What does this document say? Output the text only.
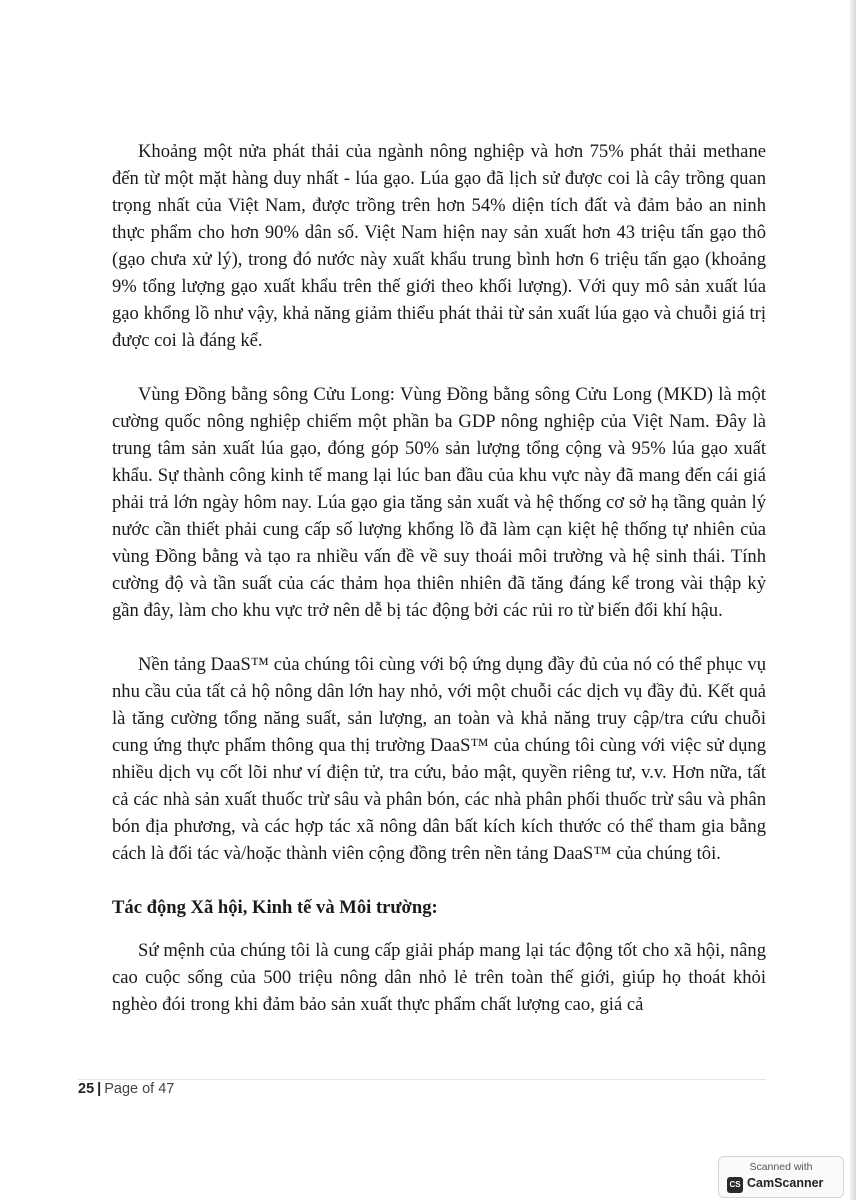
Khoảng một nửa phát thải của ngành nông nghiệp và hơn 75% phát thải methane đến từ một mặt hàng duy nhất - lúa gạo. Lúa gạo đã lịch sử được coi là cây trồng quan trọng nhất của Việt Nam, được trồng trên hơn 54% diện tích đất và đảm bảo an ninh thực phẩm cho hơn 90% dân số. Việt Nam hiện nay sản xuất hơn 43 triệu tấn gạo thô (gạo chưa xử lý), trong đó nước này xuất khẩu trung bình hơn 6 triệu tấn gạo (khoảng 9% tổng lượng gạo xuất khẩu trên thế giới theo khối lượng). Với quy mô sản xuất lúa gạo khổng lồ như vậy, khả năng giảm thiểu phát thải từ sản xuất lúa gạo và chuỗi giá trị được coi là đáng kể.

Vùng Đồng bằng sông Cửu Long: Vùng Đồng bằng sông Cửu Long (MKD) là một cường quốc nông nghiệp chiếm một phần ba GDP nông nghiệp của Việt Nam. Đây là trung tâm sản xuất lúa gạo, đóng góp 50% sản lượng tổng cộng và 95% lúa gạo xuất khẩu. Sự thành công kinh tế mang lại lúc ban đầu của khu vực này đã mang đến cái giá phải trả lớn ngày hôm nay. Lúa gạo gia tăng sản xuất và hệ thống cơ sở hạ tầng quản lý nước cần thiết phải cung cấp số lượng khổng lồ đã làm cạn kiệt hệ thống tự nhiên của vùng Đồng bằng và tạo ra nhiều vấn đề về suy thoái môi trường và hệ sinh thái. Tính cường độ và tần suất của các thảm họa thiên nhiên đã tăng đáng kể trong vài thập kỷ gần đây, làm cho khu vực trở nên dễ bị tác động bởi các rủi ro từ biến đổi khí hậu.

Nền tảng DaaS™ của chúng tôi cùng với bộ ứng dụng đầy đủ của nó có thể phục vụ nhu cầu của tất cả hộ nông dân lớn hay nhỏ, với một chuỗi các dịch vụ đầy đủ. Kết quả là tăng cường tổng năng suất, sản lượng, an toàn và khả năng truy cập/tra cứu chuỗi cung ứng thực phẩm thông qua thị trường DaaS™ của chúng tôi cùng với việc sử dụng nhiều dịch vụ cốt lõi như ví điện tử, tra cứu, bảo mật, quyền riêng tư, v.v. Hơn nữa, tất cả các nhà sản xuất thuốc trừ sâu và phân bón, các nhà phân phối thuốc trừ sâu và phân bón địa phương, và các hợp tác xã nông dân bất kích kích thước có thể tham gia bằng cách là đối tác và/hoặc thành viên cộng đồng trên nền tảng DaaS™ của chúng tôi.

Tác động Xã hội, Kinh tế và Môi trường:

Sứ mệnh của chúng tôi là cung cấp giải pháp mang lại tác động tốt cho xã hội, nâng cao cuộc sống của 500 triệu nông dân nhỏ lẻ trên toàn thế giới, giúp họ thoát khỏi nghèo đói trong khi đảm bảo sản xuất thực phẩm chất lượng cao, giá cả

25 | Page of 47
Scanned with
CS CamScanner
